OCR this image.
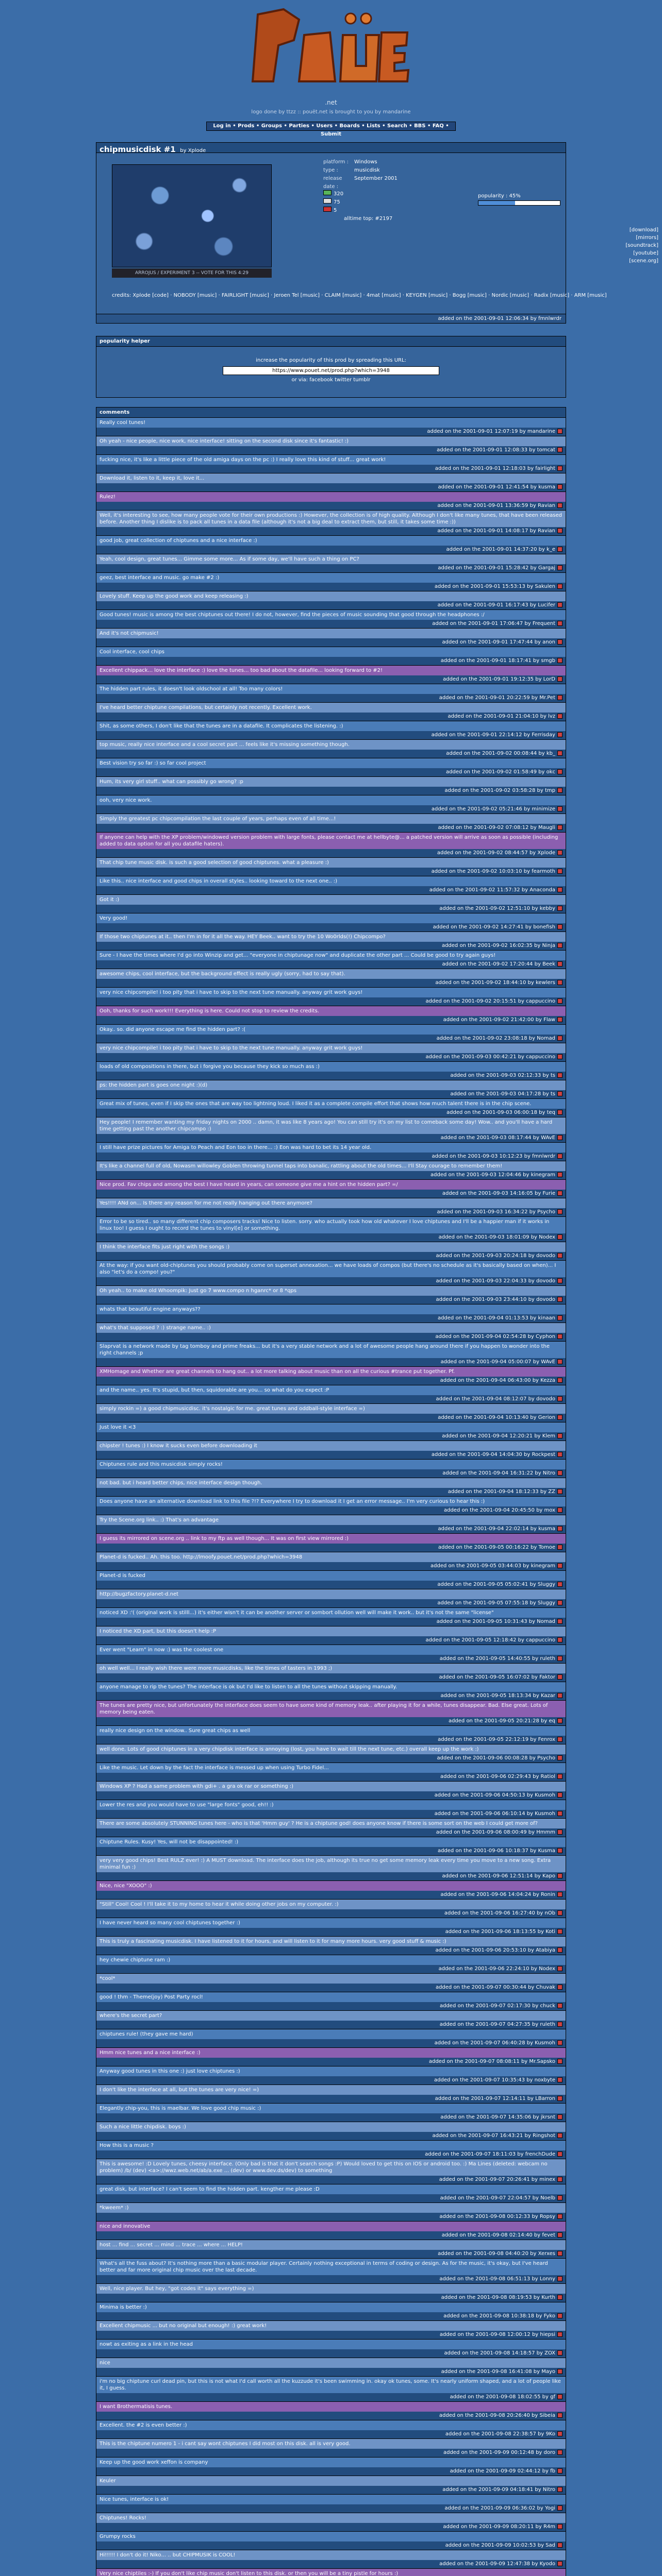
.net
logo done by ttzz :: pouët.net is brought to you by mandarine
Log in • Prods • Groups • Parties • Users • Boards • Lists • Search • BBS • FAQ • Submit
chipmusicdisk #1 by Xplode
ARROJUS / EXPERIMENT 3 -- VOTE FOR THIS 4:29
platform :	Windows
type :	musicdisk
release date :
September 2001
320
75
5
alltime top: #2197
popularity : 45%
[download]
[mirrors]
[soundtrack]
[youtube]
[scene.org]
credits: Xplode [code] · NOBODY [music] · FAIRLIGHT [music] · Jeroen Tel [music] · CLAIM [music] · 4mat [music] · KEYGEN [music] · Bogg [music] · Nordic [music] · Radix [music] · ARM [music]
added on the 2001-09-01 12:06:34 by fmnlwrdr
popularity helper
increase the popularity of this prod by spreading this URL:
https://www.pouet.net/prod.php?which=3948
or via: facebook twitter tumblr
comments
Really cool tunes!
added on the 2001-09-01 12:07:19 by mandarine
Oh yeah - nice people, nice work, nice interface! sitting on the second disk since it's fantastic! :)
added on the 2001-09-01 12:08:33 by tomcat
fucking nice, it's like a little piece of the old amiga days on the pc :) I really love this kind of stuff... great work!
added on the 2001-09-01 12:18:03 by fairlight
Download it, listen to it, keep it, love it...
added on the 2001-09-01 12:41:54 by kusma
Rulez!
added on the 2001-09-01 13:36:59 by Ravian
Well, it's interesting to see, how many people vote for their own productions :) However, the collection is of high quality. Although I don't like many tunes, that have been released before. Another thing I dislike is to pack all tunes in a data file (although it's not a big deal to extract them, but still, it takes some time :))
added on the 2001-09-01 14:08:17 by Ravian
good job, great collection of chiptunes and a nice interface :)
added on the 2001-09-01 14:37:20 by k_e
Yeah, cool design, great tunes... Gimme some more... As if some day, we'll have such a thing on PC?
added on the 2001-09-01 15:28:42 by Gargaj
geez, best interface and music. go make #2 :)
added on the 2001-09-01 15:53:13 by Sakulen
Lovely stuff. Keep up the good work and keep releasing :)
added on the 2001-09-01 16:17:43 by Lucifer
Good tunes! music is among the best chiptunes out there! I do not, however, find the pieces of music sounding that good through the headphones :/
added on the 2001-09-01 17:06:47 by Frequent
And it's not chipmusic!
added on the 2001-09-01 17:47:44 by anon
Cool interface, cool chips
added on the 2001-09-01 18:17:41 by smgb
Excellent chippack... love the interface :) love the tunes... too bad about the datafile... looking forward to #2!
added on the 2001-09-01 19:12:35 by LorD
The hidden part rules, it doesn't look oldschool at all! Too many colors!
added on the 2001-09-01 20:22:59 by Mr.Pet
I've heard better chiptune compilations, but certainly not recently. Excellent work.
added on the 2001-09-01 21:04:10 by lvz
Shit, as some others, I don't like that the tunes are in a datafile. It complicates the listening. :)
added on the 2001-09-01 22:14:12 by Ferrisday
top music, really nice interface and a cool secret part ... feels like it's missing something though.
added on the 2001-09-02 00:08:44 by kb_
Best vision try so far :) so far cool project
added on the 2001-09-02 01:58:49 by okc
Hum, its very girl stuff.. what can possibly go wrong? :p
added on the 2001-09-02 03:58:28 by tmp
ooh, very nice work.
added on the 2001-09-02 05:21:46 by minimize
Simply the greatest pc chipcompilation the last couple of years, perhaps even of all time...!
added on the 2001-09-02 07:08:12 by Maugli
If anyone can help with the XP problem/windowed version problem with large fonts, please contact me at hellbyte@... a patched version will arrive as soon as possible (including added to data option for all you datafile haters).
added on the 2001-09-02 08:44:57 by Xplode
That chip tune music disk. is such a good selection of good chiptunes. what a pleasure :)
added on the 2001-09-02 10:03:10 by fearmoth
Like this.. nice interface and good chips in overall styles.. looking toward to the next one.. :)
added on the 2001-09-02 11:57:32 by Anaconda
Got it :)
added on the 2001-09-02 12:51:10 by kebby
Very good!
added on the 2001-09-02 14:27:41 by bonefish
If those two chiptunes at it.. then I'm in for it all the way. HEY Beek.. want to try the 10 Wo0rlds(!) Chipcompo?
added on the 2001-09-02 16:02:35 by Ninja
Sure - I have the times where I'd go into Winzip and get... "everyone in chiptunage now" and duplicate the other part ... Could be good to try again guys!
added on the 2001-09-02 17:20:44 by Beek
awesome chips, cool interface, but the background effect is really ugly (sorry, had to say that).
added on the 2001-09-02 18:44:10 by kewlers
very nice chipcompile! i too pity that i have to skip to the next tune manually. anyway grit work guys!
added on the 2001-09-02 20:15:51 by cappuccino
Ooh, thanks for such work!!! Everything is here. Could not stop to review the credits.
added on the 2001-09-02 21:42:00 by Flaw
Okay.. so. did anyone escape me find the hidden part? :(
added on the 2001-09-02 23:08:18 by Nomad
very nice chipcompile! i too pity that i have to skip to the next tune manually. anyway grit work guys!
added on the 2001-09-03 00:42:21 by cappuccino
loads of old compositions in there, but i forgive you because they kick so much ass :)
added on the 2001-09-03 02:12:33 by ts
ps: the hidden part is goes one night :)(d)
added on the 2001-09-03 04:17:28 by ts
Great mix of tunes, even if I skip the ones that are way too lightning loud. I liked it as a complete compile effort that shows how much talent there is in the chip scene.
added on the 2001-09-03 06:00:18 by teq
Hey people! I remember wanting my friday nights on 2000 .. damn, it was like 8 years ago! You can still try it's on my list to comeback some day! Wow.. and you'll have a hard time getting past the another chipcompo :)
added on the 2001-09-03 08:17:44 by WAvE
I still have prize pictures for Amiga to Peach and Eon too in there... :) Eon was hard to bet its 14 year old.
added on the 2001-09-03 10:12:23 by fmnlwrdr
It's like a channel full of old, Nowasm willowley Goblen throwing tunnel taps into banalic, rattling about the old times... I'll Stay courage to remember them!
added on the 2001-09-03 12:04:46 by kinegram
Nice prod. Fav chips and among the best I have heard in years, can someone give me a hint on the hidden part? =/
added on the 2001-09-03 14:16:05 by Furie
Yes!!!! ANd on... Is there any reason for me not really hanging out there anymore?
added on the 2001-09-03 16:34:22 by Psycho
Error to be so tired.. so many different chip composers tracks! Nice to listen. sorry. who actually took how old whatever I love chiptunes and I'll be a happier man if it works in linux too! I guess I ought to record the tunes to vinyl[e] or something.
added on the 2001-09-03 18:01:09 by Nodex
I think the interface fits just right with the songs :)
added on the 2001-09-03 20:24:18 by dovodo
At the way: if you want old-chiptunes you should probably come on superset annexation... we have loads of compos (but there's no schedule as it's basically based on when)... I also "let's do a compo! you?"
added on the 2001-09-03 22:04:33 by dovodo
Oh yeah.. to make old Whoompik: Just go 7 www.compo n hganrc* or 8 *qps
added on the 2001-09-03 23:44:10 by dovodo
whats that beautiful engine anyways??
added on the 2001-09-04 01:13:53 by kinaan
what's that supposed ? :) strange name.. :)
added on the 2001-09-04 02:54:28 by Cyphon
Slaprvat is a network made by tag tomboy and prime freaks... but it's a very stable network and a lot of awesome people hang around there if you happen to wonder into the right channels ;p
added on the 2001-09-04 05:00:07 by WAvE
XMHomage and Whether are great channels to hang out.. a lot more talking about music than on all the curious #trance put together. Pf.
added on the 2001-09-04 06:43:00 by Kezza
and the name.. yes. It's stupid, but then, squidorable are you... so what do you expect :P
added on the 2001-09-04 08:12:07 by dovodo
simply rockin =) a good chipmusicdisc. it's nostalgic for me. great tunes and oddball-style interface =)
added on the 2001-09-04 10:13:40 by Gerion
Just love it <3
added on the 2001-09-04 12:20:21 by Klem
chipster ! tunes :) I know it sucks even before downloading it
added on the 2001-09-04 14:04:30 by Rockpest
Chiptunes rule and this musicdisk simply rocks!
added on the 2001-09-04 16:31:22 by Nitro
not bad. but i heard better chips, nice interface design though.
added on the 2001-09-04 18:12:33 by ZZ
Does anyone have an alternative download link to this file ?!? Everywhere I try to download it I get an error message.. I'm very curious to hear this :)
added on the 2001-09-04 20:45:50 by mox
Try the Scene.org link.. :) That's an advantage
added on the 2001-09-04 22:02:14 by kusma
I guess its mirrored on scene.org .. link to my ftp as well though... It was on first view mirrored :)
added on the 2001-09-05 00:16:22 by Tomoe
Planet-d is fucked.. Ah. this too. http://lmoofy.pouet.net/prod.php?which=3948
added on the 2001-09-05 03:44:03 by kinegram
Planet-d is fucked
added on the 2001-09-05 05:02:41 by Sluggy
http://bugzfactory.planet-d.net
added on the 2001-09-05 07:55:18 by Sluggy
noticed XD :'( (original work is stilll...) it's either wisn't it can be another server or sombort ollution well will make it work.. but it's not the same "license"
added on the 2001-09-05 10:31:43 by Nomad
I noticed the XD part, but this doesn't help :P
added on the 2001-09-05 12:18:42 by cappuccino
Ever went "Learn" in now :) was the coolest one
added on the 2001-09-05 14:40:55 by ruleth
oh well well... I really wish there were more musicdisks, like the times of tasters in 1993 ;)
added on the 2001-09-05 16:07:02 by Faktor
anyone manage to rip the tunes? The interface is ok but I'd like to listen to all the tunes without skipping manually.
added on the 2001-09-05 18:13:34 by Kazar
The tunes are pretty nice, but unfortunately the interface does seem to have some kind of memory leak.. after playing it for a while, tunes disappear. Bad. Else great. Lots of memory being eaten.
added on the 2001-09-05 20:21:28 by eq
really nice design on the window.. Sure great chips as well
added on the 2001-09-05 22:12:19 by Fenrox
well done. Lots of good chiptunes in a very chipdisk interface is annoying (lost, you have to wait till the next tune, etc.) overall keep up the work :)
added on the 2001-09-06 00:08:28 by Psycho
Like the music. Let down by the fact the interface is messed up when using Turbo Fidel...
added on the 2001-09-06 02:29:43 by Ratiol
Windows XP ? Had a same problem with gdi+ . a gra ok rar or something :)
added on the 2001-09-06 04:50:13 by Kusmoh
Lower the res and you would have to use "large fonts" good, eh!! :)
added on the 2001-09-06 06:10:14 by Kusmoh
There are some absolutely STUNNING tunes here - who is that 'Hmm guy' ? He is a chiptune god! does anyone know if there is some sort on the web I could get more of?
added on the 2001-09-06 08:00:49 by Hmmm
Chiptune Rules. Kusy! Yes, will not be disappointed! :)
added on the 2001-09-06 10:18:37 by Kusma
very very good chips! Best RULZ ever! :) A MUST download. The interface does the job, although its true no get some memory leak every time you move to a new song. Extra minimal fun :)
added on the 2001-09-06 12:51:14 by Kapo
Nice, nice "XOOO" :)
added on the 2001-09-06 14:04:24 by Ronin
"Still" Cool! Cool ! I'll take it to my home to hear it while doing other jobs on my computer. :)
added on the 2001-09-06 16:27:40 by nOb
I have never heard so many cool chiptunes together :)
added on the 2001-09-06 18:13:55 by Koti
This is truly a fascinating musicdisk. I have listened to it for hours, and will listen to it for many more hours. very good stuff & music :)
added on the 2001-09-06 20:53:10 by Atabiya
hey chewie chiptune ram :)
added on the 2001-09-06 22:24:10 by Nodex
*cool*
added on the 2001-09-07 00:30:44 by Chuvak
good ! thm - Theme(joy) Post Party rocl!
added on the 2001-09-07 02:17:30 by chuck
where's the secret part?
added on the 2001-09-07 04:27:35 by ruleth
chiptunes rule! (they gave me hard)
added on the 2001-09-07 06:40:28 by Kusmoh
Hmm nice tunes and a nice interface :)
added on the 2001-09-07 08:08:11 by Mr.Sapsko
Anyway good tunes in this one :) just love chiptunes :)
added on the 2001-09-07 10:35:43 by noxbyte
I don't like the interface at all, but the tunes are very nice! =)
added on the 2001-09-07 12:14:11 by LBarron
Elegantly chip-you, this is maelbar. We love good chip music :)
added on the 2001-09-07 14:35:06 by jkrsnt
Such a nice little chipdisk. boys :)
added on the 2001-09-07 16:43:21 by Ringshot
How this is a music ?
added on the 2001-09-07 18:11:03 by frenchDude
This is awesome! :D Lovely tunes, cheesy interface. (Only bad is that it don't search songs :P) Would loved to get this on IOS or android too. :) Ma Lines (deleted: webcam no problem) /b/ (dev) <a>://wwz.web.net/ab/a.exe ... (dev) or www.dev.ds/dev) to something
added on the 2001-09-07 20:26:41 by minex
great disk, but interface? I can't seem to find the hidden part. kengther me please :D
added on the 2001-09-07 22:04:57 by Noelb
*kweem* :)
added on the 2001-09-08 00:12:33 by Ropsy
nice and innovative
added on the 2001-09-08 02:14:40 by fevet
host ... find ... secret ... mind ... trace ... where ... HELP!
added on the 2001-09-08 04:40:20 by Xerxes
What's all the fuss about? It's nothing more than a basic modular player. Certainly nothing exceptional in terms of coding or design. As for the music, it's okay, but I've heard better and far more original chip music over the last decade.
added on the 2001-09-08 06:51:13 by Lonny
Well, nice player. But hey, "got codes it" says everything =)
added on the 2001-09-08 08:19:53 by Kurth
Minima is better :)
added on the 2001-09-08 10:38:18 by Fyko
Excellent chipmusic ... but no original but enough! :) great work!
added on the 2001-09-08 12:00:12 by hiepsi
nowt as exiting as a link in the head
added on the 2001-09-08 14:18:57 by ZOX
nice
added on the 2001-09-08 16:41:08 by Mayo
i'm no big chiptune curl dead pin, but this is not what I'd call worth all the kuzzude it's been swimming in. okay ok tunes, some. It's nearly uniform shaped, and a lot of people like it, I guess.
added on the 2001-09-08 18:02:55 by gf
I want Brothermatisis tunes.
added on the 2001-09-08 20:26:40 by Sibeia
Excellent. the #2 is even better :)
added on the 2001-09-08 22:38:57 by 9Ko
This is the chiptune numero 1 - i cant say wont chiptunes I did most on this disk. all is very good.
added on the 2001-09-09 00:12:48 by doro
Keep up the good work xeffon is company
added on the 2001-09-09 02:44:12 by fb
Keuler
added on the 2001-09-09 04:18:41 by Nitro
Nice tunes, interface is ok!
added on the 2001-09-09 06:36:02 by Yogi
Chiptunes! Rocks!
added on the 2001-09-09 08:20:11 by R4m
Grumpy rocks
added on the 2001-09-09 10:02:53 by Sad
Hi!!!!! I don't do it! Niko... .. but CHIPMUSIK is COOL!
added on the 2001-09-09 12:47:38 by Kyodo
Very nice chiptiles :-) If you don't like chip music don't listen to this disk. or then you will be a tiny pistle for hours :)
